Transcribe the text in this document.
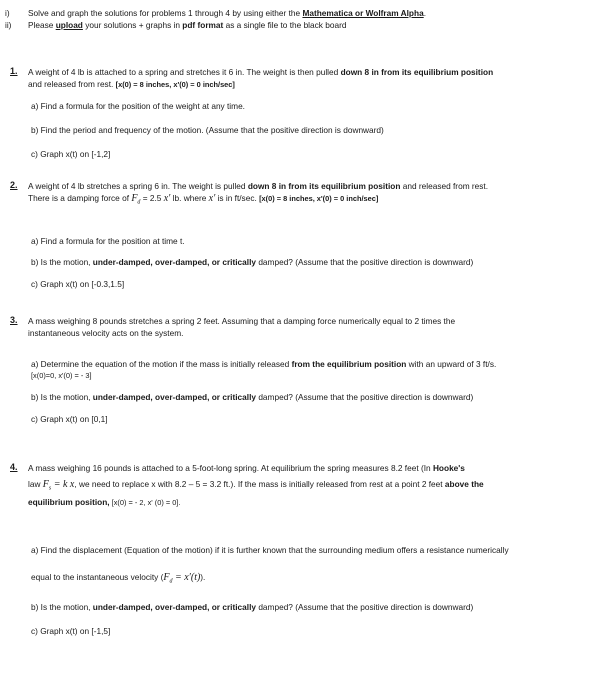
i) Solve and graph the solutions for problems 1 through 4 by using either the Mathematica or Wolfram Alpha.
ii) Please upload your solutions + graphs in pdf format as a single file to the black board
1. A weight of 4 lb is attached to a spring and stretches it 6 in. The weight is then pulled down 8 in from its equilibrium position
and released from rest. [x(0) = 8 inches, x'(0) = 0 inch/sec]
a) Find a formula for the position of the weight at any time.
b) Find the period and frequency of the motion. (Assume that the positive direction is downward)
c) Graph x(t) on [-1,2]
2. A weight of 4 lb stretches a spring 6 in. The weight is pulled down 8 in from its equilibrium position and released from rest.
There is a damping force of $F_d = 2.5$ x′ lb. where x′ is in ft/sec. [x(0) = 8 inches, x'(0) = 0 inch/sec]
a) Find a formula for the position at time t.
b) Is the motion, under-damped, over-damped, or critically damped? (Assume that the positive direction is downward)
c) Graph x(t) on [-0.3,1.5]
3. A mass weighing 8 pounds stretches a spring 2 feet. Assuming that a damping force numerically equal to 2 times the
instantaneous velocity acts on the system.
a) Determine the equation of the motion if the mass is initially released from the equilibrium position with an upward of 3 ft/s.
[x(0)=0, x'(0) = - 3]
b) Is the motion, under-damped, over-damped, or critically damped? (Assume that the positive direction is downward)
c) Graph x(t) on [0,1]
4. A mass weighing 16 pounds is attached to a 5-foot-long spring. At equilibrium the spring measures 8.2 feet (In Hooke's
law $F_s = k$ x, we need to replace x with 8.2 – 5 = 3.2 ft.). If the mass is initially released from rest at a point 2 feet above the
equilibrium position, [x(0) = - 2, x' (0) = 0].
a) Find the displacement (Equation of the motion) if it is further known that the surrounding medium offers a resistance numerically
equal to the instantaneous velocity $(F_d = x'(t))$.
b) Is the motion, under-damped, over-damped, or critically damped? (Assume that the positive direction is downward)
c) Graph x(t) on [-1,5]
